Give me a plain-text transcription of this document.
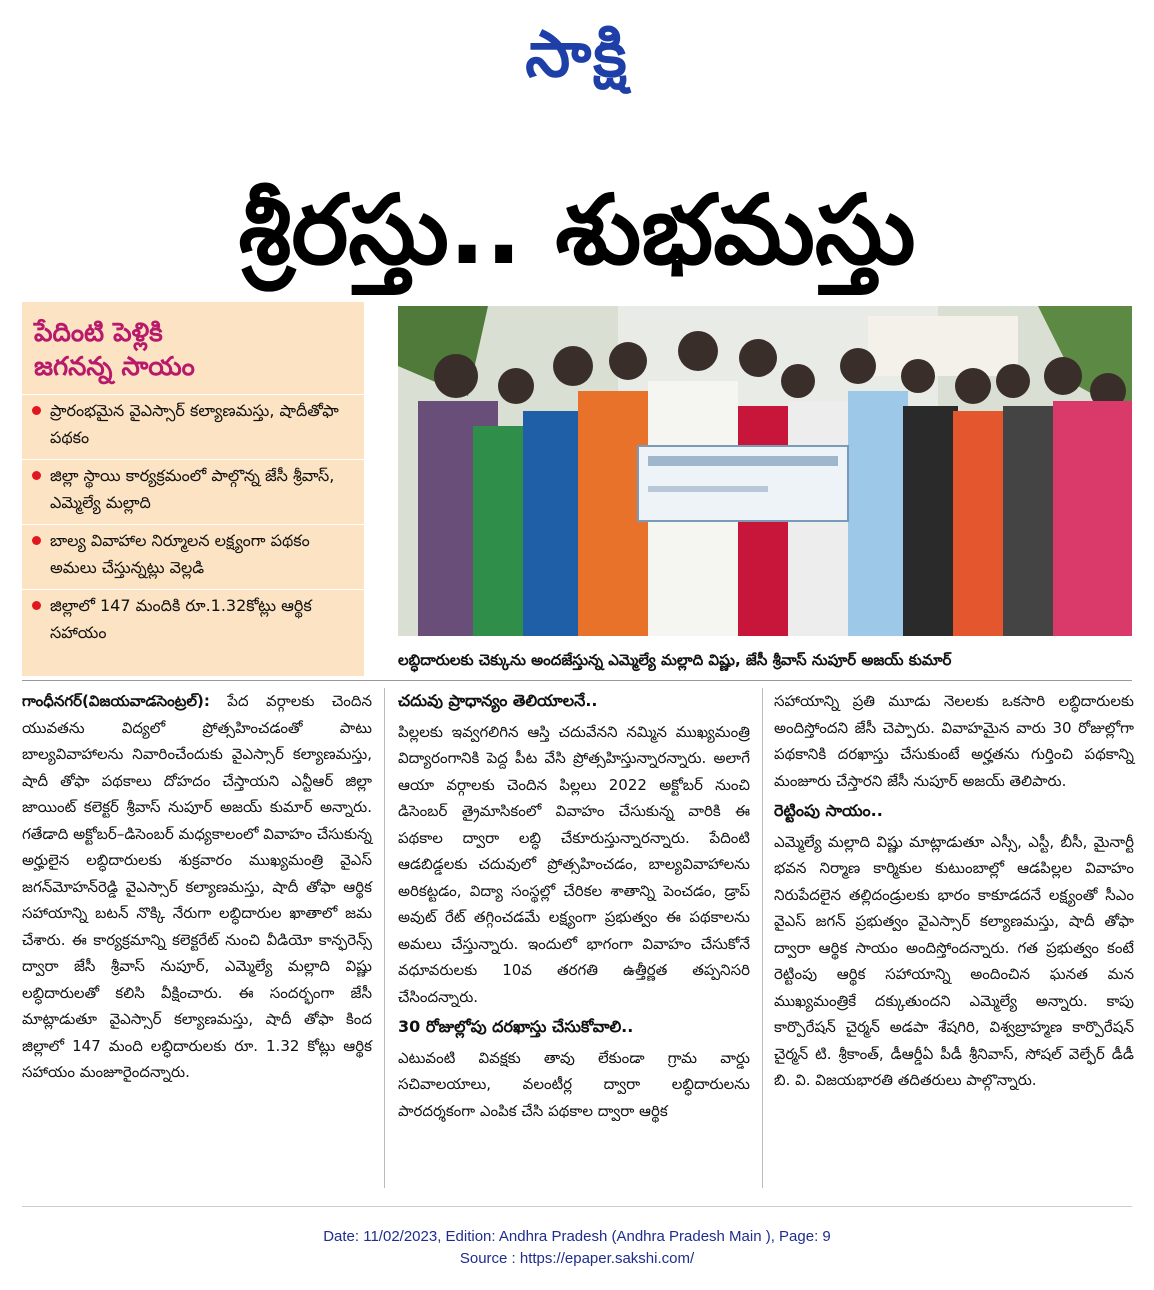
సాక్షి
శ్రీరస్తు.. శుభమస్తు
పేదింటి పెళ్లికి
జగనన్న సాయం
ప్రారంభమైన వైఎస్సార్ కల్యాణమస్తు, షాదీతోఫా పథకం
జిల్లా స్థాయి కార్యక్రమంలో పాల్గొన్న జేసీ శ్రీవాస్, ఎమ్మెల్యే మల్లాది
బాల్య వివాహాల నిర్మూలన లక్ష్యంగా పథకం అమలు చేస్తున్నట్లు వెల్లడి
జిల్లాలో 147 మందికి రూ.1.32కోట్లు ఆర్థిక సహాయం
లబ్ధిదారులకు చెక్కును అందజేస్తున్న ఎమ్మెల్యే మల్లాది విష్ణు, జేసీ శ్రీవాస్ నుపూర్ అజయ్ కుమార్

గాంధీనగర్(విజయవాడసెంట్రల్): పేద వర్గాలకు చెందిన యువతను విద్యలో ప్రోత్సహించడంతో పాటు బాల్యవివాహాలను నివారించేందుకు వైఎస్సార్ కల్యాణమస్తు, షాదీ తోఫా పథకాలు దోహదం చేస్తాయని ఎన్టీఆర్ జిల్లా జాయింట్ కలెక్టర్ శ్రీవాస్ నుపూర్ అజయ్ కుమార్ అన్నారు. గతేడాది అక్టోబర్–డిసెంబర్ మధ్యకాలంలో వివాహం చేసుకున్న అర్హులైన లబ్ధిదారులకు శుక్రవారం ముఖ్యమంత్రి వైఎస్ జగన్‌మోహన్‌రెడ్డి వైఎస్సార్ కల్యాణమస్తు, షాదీ తోఫా ఆర్థిక సహాయాన్ని బటన్ నొక్కి నేరుగా లబ్ధిదారుల ఖాతాలో జమ చేశారు. ఈ కార్యక్రమాన్ని కలెక్టరేట్ నుంచి వీడియో కాన్ఫరెన్స్ ద్వారా జేసీ శ్రీవాస్ నుపూర్, ఎమ్మెల్యే మల్లాది విష్ణు లబ్ధిదారులతో కలిసి వీక్షించారు. ఈ సందర్భంగా జేసీ మాట్లాడుతూ వైఎస్సార్ కల్యాణమస్తు, షాదీ తోఫా కింద జిల్లాలో 147 మంది లబ్ధిదారులకు రూ. 1.32 కోట్లు ఆర్థిక సహాయం మంజూరైందన్నారు.

చదువు ప్రాధాన్యం తెలియాలనే..

పిల్లలకు ఇవ్వగలిగిన ఆస్తి చదువేనని నమ్మిన ముఖ్యమంత్రి విద్యారంగానికి పెద్ద పీట వేసి ప్రోత్సహిస్తున్నారన్నారు. అలాగే ఆయా వర్గాలకు చెందిన పిల్లలు 2022 అక్టోబర్ నుంచి డిసెంబర్ త్రైమాసికంలో వివాహం చేసుకున్న వారికి ఈ పథకాల ద్వారా లబ్ధి చేకూరుస్తున్నారన్నారు. పేదింటి ఆడబిడ్డలకు చదువులో ప్రోత్సహించడం, బాల్యవివాహాలను అరికట్టడం, విద్యా సంస్థల్లో చేరికల శాతాన్ని పెంచడం, డ్రాప్ అవుట్ రేట్ తగ్గించడమే లక్ష్యంగా ప్రభుత్వం ఈ పథకాలను అమలు చేస్తున్నారు. ఇందులో భాగంగా వివాహం చేసుకోనే వధూవరులకు 10వ తరగతి ఉత్తీర్ణత తప్పనిసరి చేసిందన్నారు.

30 రోజుల్లోపు దరఖాస్తు చేసుకోవాలి..

ఎటువంటి వివక్షకు తావు లేకుండా గ్రామ వార్డు సచివాలయాలు, వలంటీర్ల ద్వారా లబ్ధిదారులను పారదర్శకంగా ఎంపిక చేసి పథకాల ద్వారా ఆర్థిక

సహాయాన్ని ప్రతి మూడు నెలలకు ఒకసారి లబ్ధిదారులకు అందిస్తోందని జేసీ చెప్పారు. వివాహమైన వారు 30 రోజుల్లోగా పథకానికి దరఖాస్తు చేసుకుంటే అర్హతను గుర్తించి పథకాన్ని మంజూరు చేస్తారని జేసీ నుపూర్ అజయ్ తెలిపారు.

రెట్టింపు సాయం..

ఎమ్మెల్యే మల్లాది విష్ణు మాట్లాడుతూ ఎస్సీ, ఎస్టీ, బీసీ, మైనార్టీ భవన నిర్మాణ కార్మికుల కుటుంబాల్లో ఆడపిల్లల వివాహం నిరుపేదలైన తల్లిదండ్రులకు భారం కాకూడదనే లక్ష్యంతో సీఎం వైఎస్ జగన్ ప్రభుత్వం వైఎస్సార్ కల్యాణమస్తు, షాదీ తోఫా ద్వారా ఆర్థిక సాయం అందిస్తోందన్నారు. గత ప్రభుత్వం కంటే రెట్టింపు ఆర్థిక సహాయాన్ని అందించిన ఘనత మన ముఖ్యమంత్రికే దక్కుతుందని ఎమ్మెల్యే అన్నారు. కాపు కార్పొరేషన్ చైర్మన్ అడపా శేషగిరి, విశ్వబ్రాహ్మణ కార్పొరేషన్ చైర్మన్ టి. శ్రీకాంత్, డీఆర్డీఏ పీడీ శ్రీనివాస్, సోషల్ వెల్ఫేర్ డీడీ బి. వి. విజయభారతి తదితరులు పాల్గొన్నారు.

Date: 11/02/2023, Edition: Andhra Pradesh (Andhra Pradesh Main ), Page: 9
Source : https://epaper.sakshi.com/
